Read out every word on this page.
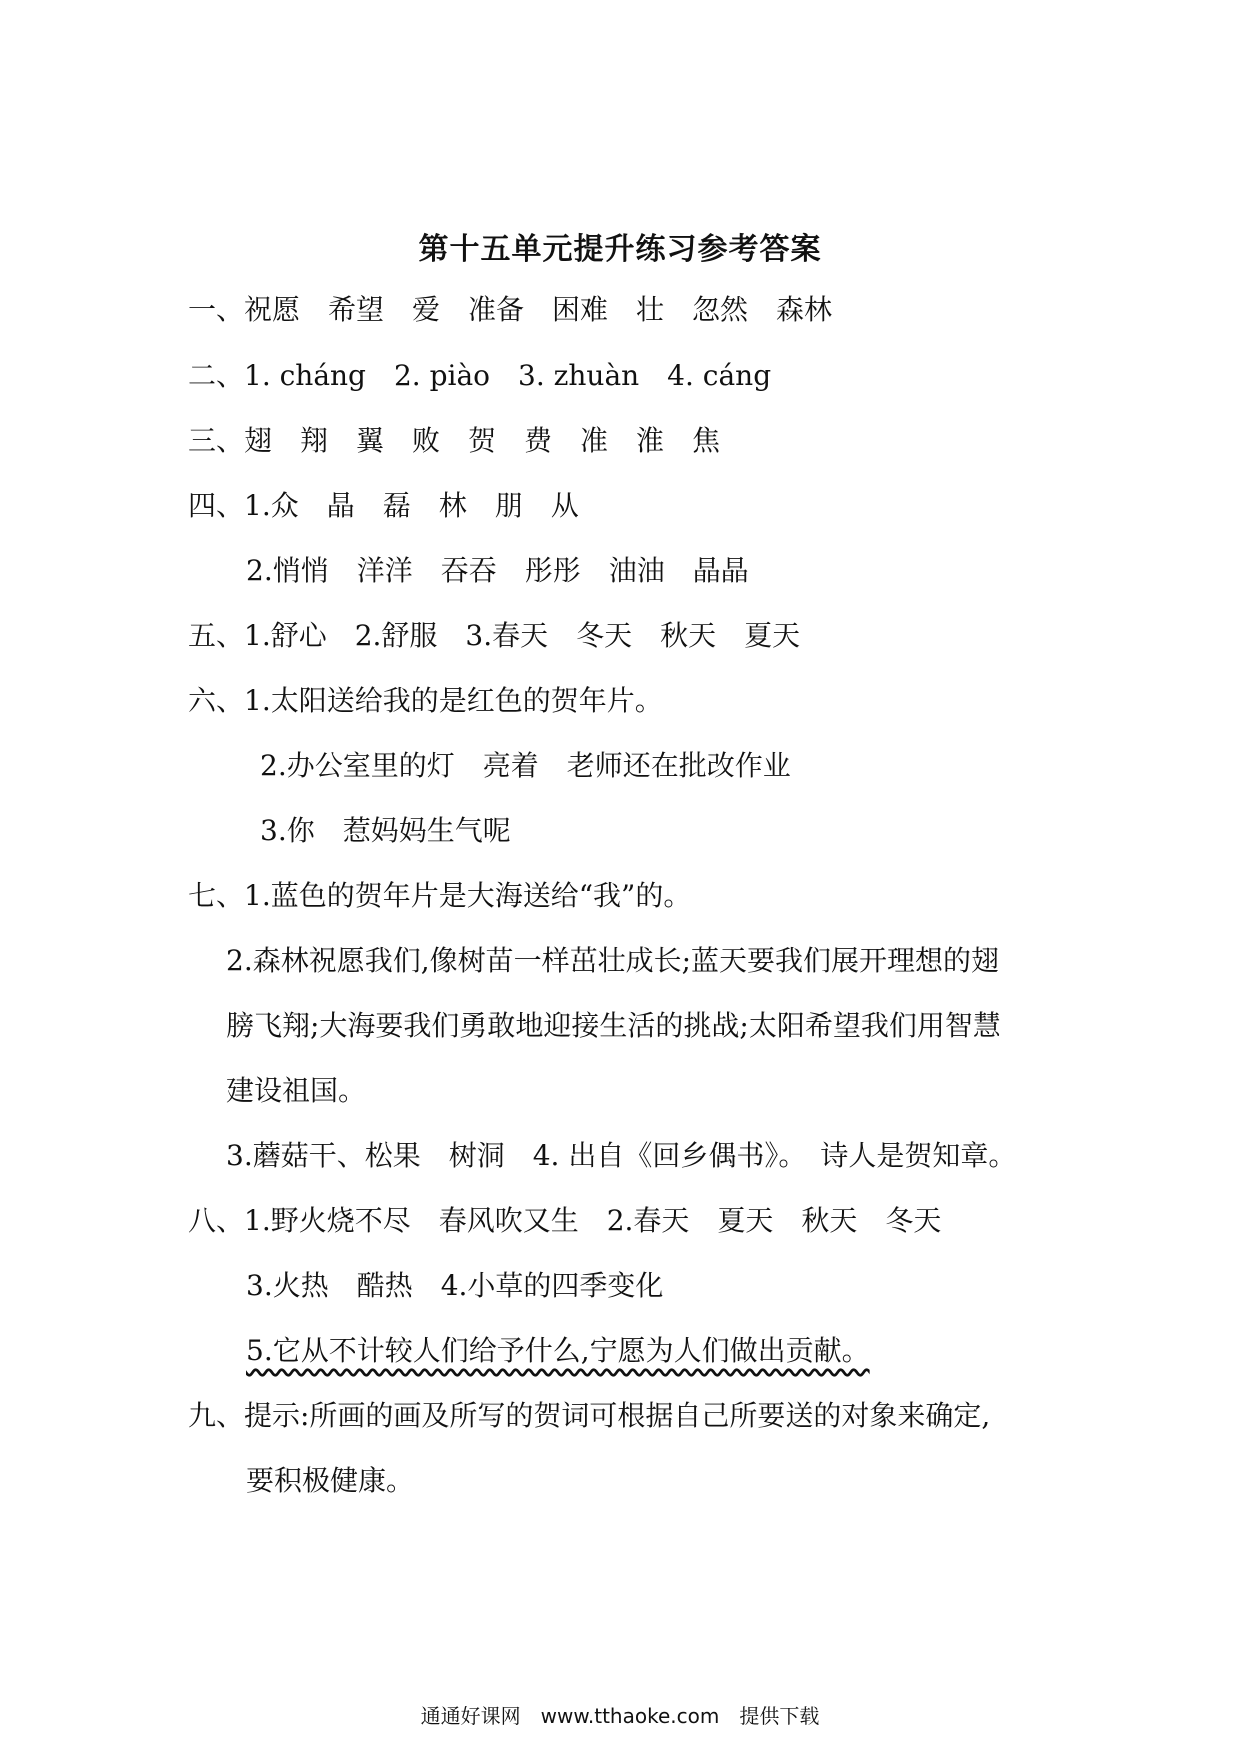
第十五单元提升练习参考答案
一、祝愿　希望　爱　准备　困难　壮　忽然　森林
二、1. cháng　2. piào　3. zhuàn　4. cáng
三、翅　翔　翼　败　贺　费　准　淮　焦
四、1.众　晶　磊　林　朋　从
2.悄悄　洋洋　吞吞　彤彤　油油　晶晶
五、1.舒心　2.舒服　3.春天　冬天　秋天　夏天
六、1.太阳送给我的是红色的贺年片。
2.办公室里的灯　亮着　老师还在批改作业
3.你　惹妈妈生气呢
七、1.蓝色的贺年片是大海送给“我”的。
2.森林祝愿我们,像树苗一样茁壮成长;蓝天要我们展开理想的翅
膀飞翔;大海要我们勇敢地迎接生活的挑战;太阳希望我们用智慧
建设祖国。
3.蘑菇干、松果　树洞　4. 出自《回乡偶书》。　诗人是贺知章。
八、1.野火烧不尽　春风吹又生　2.春天　夏天　秋天　冬天
3.火热　酷热　4.小草的四季变化
5.它从不计较人们给予什么,宁愿为人们做出贡献。
九、提示:所画的画及所写的贺词可根据自己所要送的对象来确定,
要积极健康。
通通好课网　www.tthaoke.com　提供下载
